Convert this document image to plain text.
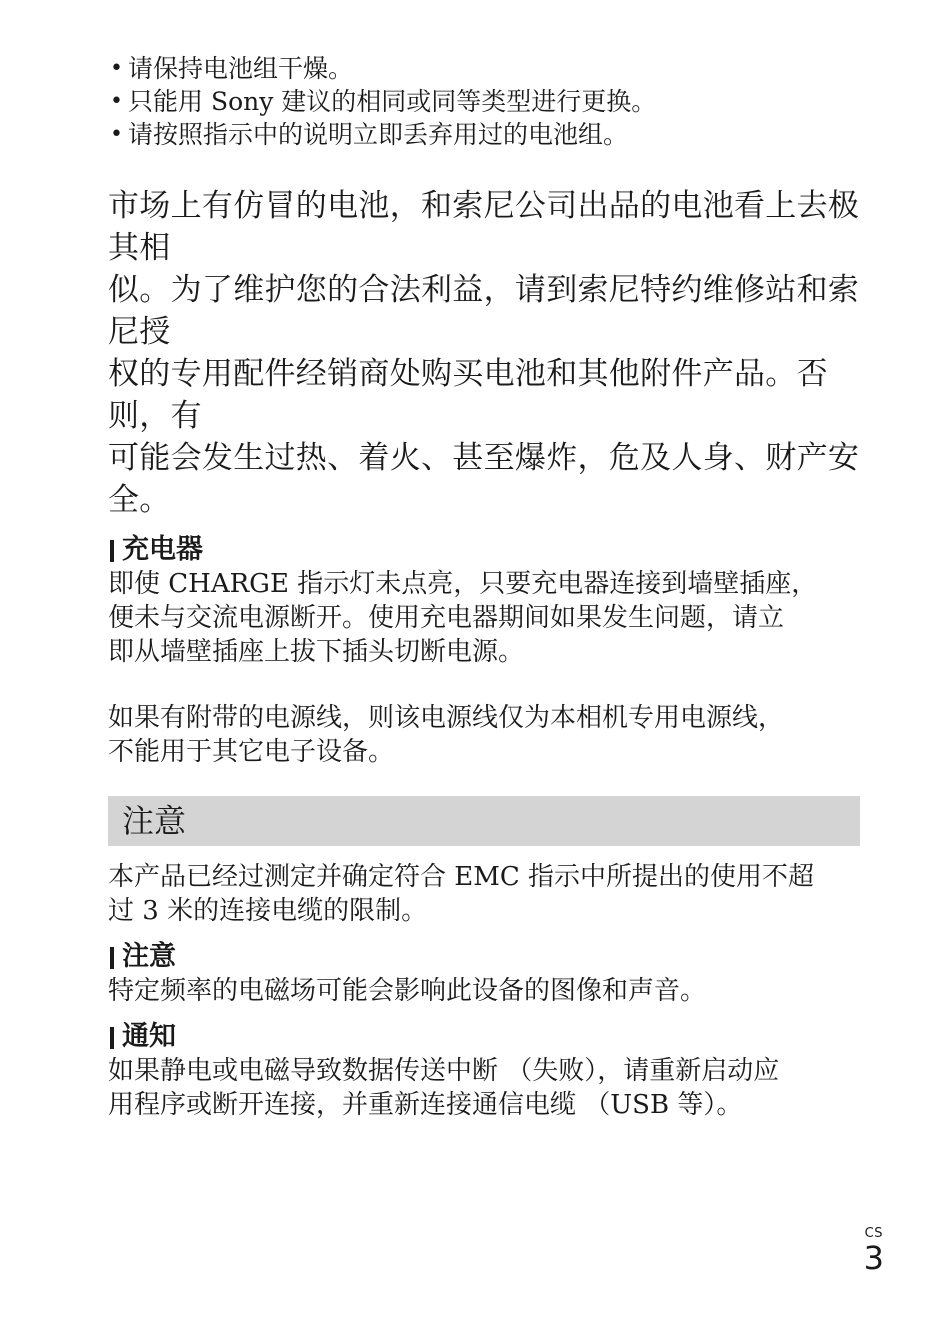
• 请保持电池组干燥。
• 只能用 Sony 建议的相同或同等类型进行更换。
• 请按照指示中的说明立即丢弃用过的电池组。
市场上有仿冒的电池，和索尼公司出品的电池看上去极其相
似。为了维护您的合法利益，请到索尼特约维修站和索尼授
权的专用配件经销商处购买电池和其他附件产品。否则，有
可能会发生过热、着火、甚至爆炸，危及人身、财产安全。
充电器
即使 CHARGE 指示灯未点亮，只要充电器连接到墙壁插座，
便未与交流电源断开。使用充电器期间如果发生问题，请立
即从墙壁插座上拔下插头切断电源。
如果有附带的电源线，则该电源线仅为本相机专用电源线，
不能用于其它电子设备。
注意
本产品已经过测定并确定符合 EMC 指示中所提出的使用不超
过 3 米的连接电缆的限制。
注意
特定频率的电磁场可能会影响此设备的图像和声音。
通知
如果静电或电磁导致数据传送中断 （失败），请重新启动应
用程序或断开连接，并重新连接通信电缆 （USB 等）。
CS
3
